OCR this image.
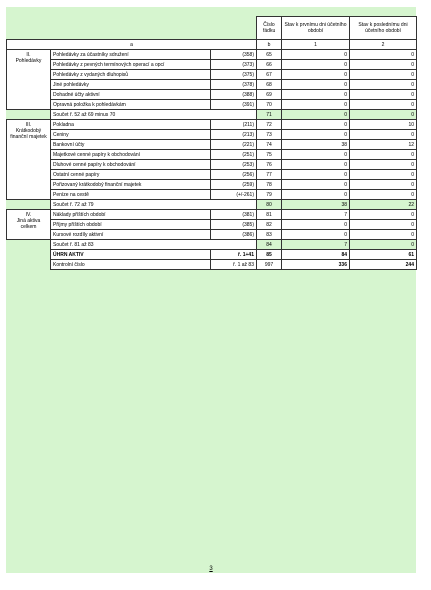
			Číslo řádku	Stav k prvnímu dni účetního období	Stav k poslednímu dni účetního období
a			b	1	2
II.
Pohledávky	Pohledávky za účastníky sdružení	(358)	65	0	0
	Pohledávky z pevných termínových operací a opcí	(373)	66	0	0
	Pohledávky z vydaných dluhopisů	(375)	67	0	0
	Jiné pohledávky	(378)	68	0	0
	Dohadné účty aktivní	(388)	69	0	0
	Opravná položka k pohledávkám	(391)	70	0	0
	Součet ř. 52 až 69 minus 70		71	0	0
III.
Krátkodobý finanční majetek	Pokladna	(211)	72	0	10
	Ceniny	(213)	73	0	0
	Bankovní účty	(221)	74	38	12
	Majetkové cenné papíry k obchodování	(251)	75	0	0
	Dluhové cenné papíry k obchodování	(253)	76	0	0
	Ostatní cenné papíry	(256)	77	0	0
	Pořizovaný krátkodobý finanční majetek	(259)	78	0	0
	Peníze na cestě	(+/-261)	79	0	0
	Součet ř. 72 až 79		80	38	22
IV.
Jiná aktiva celkem	Náklady příštích období	(381)	81	7	0
	Příjmy příštích období	(385)	82	0	0
	Kursové rozdíly aktivní	(386)	83	0	0
	Součet ř. 81 až 83		84	7	0
	ÚHRN AKTIV	ř. 1+41	85	84	61
	Kontrolní číslo	ř. 1 až 83	997	336	244
3
